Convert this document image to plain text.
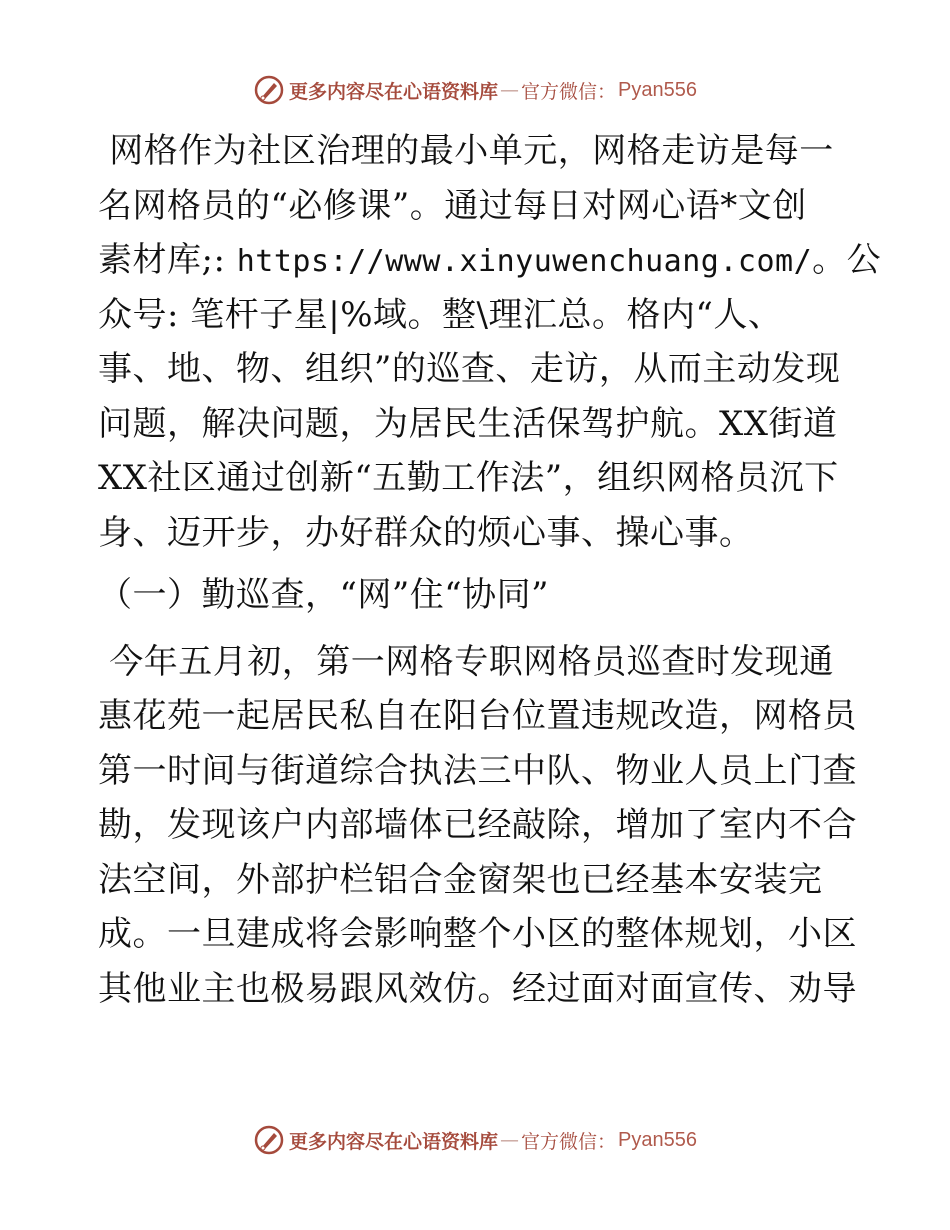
更多内容尽在心语资料库 — 官方微信： Pyan556
网格作为社区治理的最小单元，网格走访是每一
名网格员的“必修课”。通过每日对网心语*文创
素材库;: https://www.xinyuwenchuang.com/。公
众号: 笔杆子星|%域。整\理汇总。格内“人、
事、地、物、组织”的巡查、走访，从而主动发现
问题，解决问题，为居民生活保驾护航。XX街道
XX社区通过创新“五勤工作法”，组织网格员沉下
身、迈开步，办好群众的烦心事、操心事。
（一）勤巡查，“网”住“协同”
今年五月初，第一网格专职网格员巡查时发现通
惠花苑一起居民私自在阳台位置违规改造，网格员
第一时间与街道综合执法三中队、物业人员上门查
勘，发现该户内部墙体已经敲除，增加了室内不合
法空间，外部护栏铝合金窗架也已经基本安装完
成。一旦建成将会影响整个小区的整体规划，小区
其他业主也极易跟风效仿。经过面对面宣传、劝导
更多内容尽在心语资料库 — 官方微信： Pyan556
